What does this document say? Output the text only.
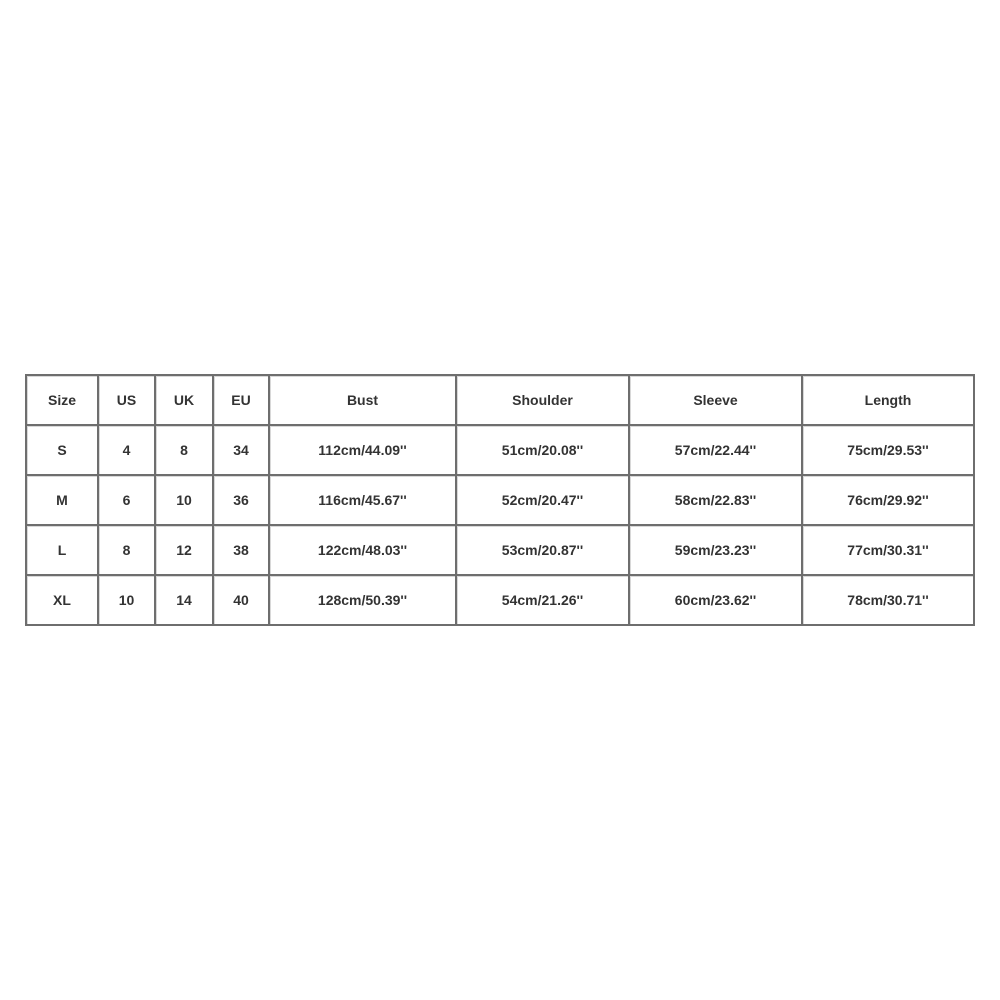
Size	US	UK	EU	Bust	Shoulder	Sleeve	Length
S	4	8	34	112cm/44.09''	51cm/20.08''	57cm/22.44''	75cm/29.53''
M	6	10	36	116cm/45.67''	52cm/20.47''	58cm/22.83''	76cm/29.92''
L	8	12	38	122cm/48.03''	53cm/20.87''	59cm/23.23''	77cm/30.31''
XL	10	14	40	128cm/50.39''	54cm/21.26''	60cm/23.62''	78cm/30.71''
